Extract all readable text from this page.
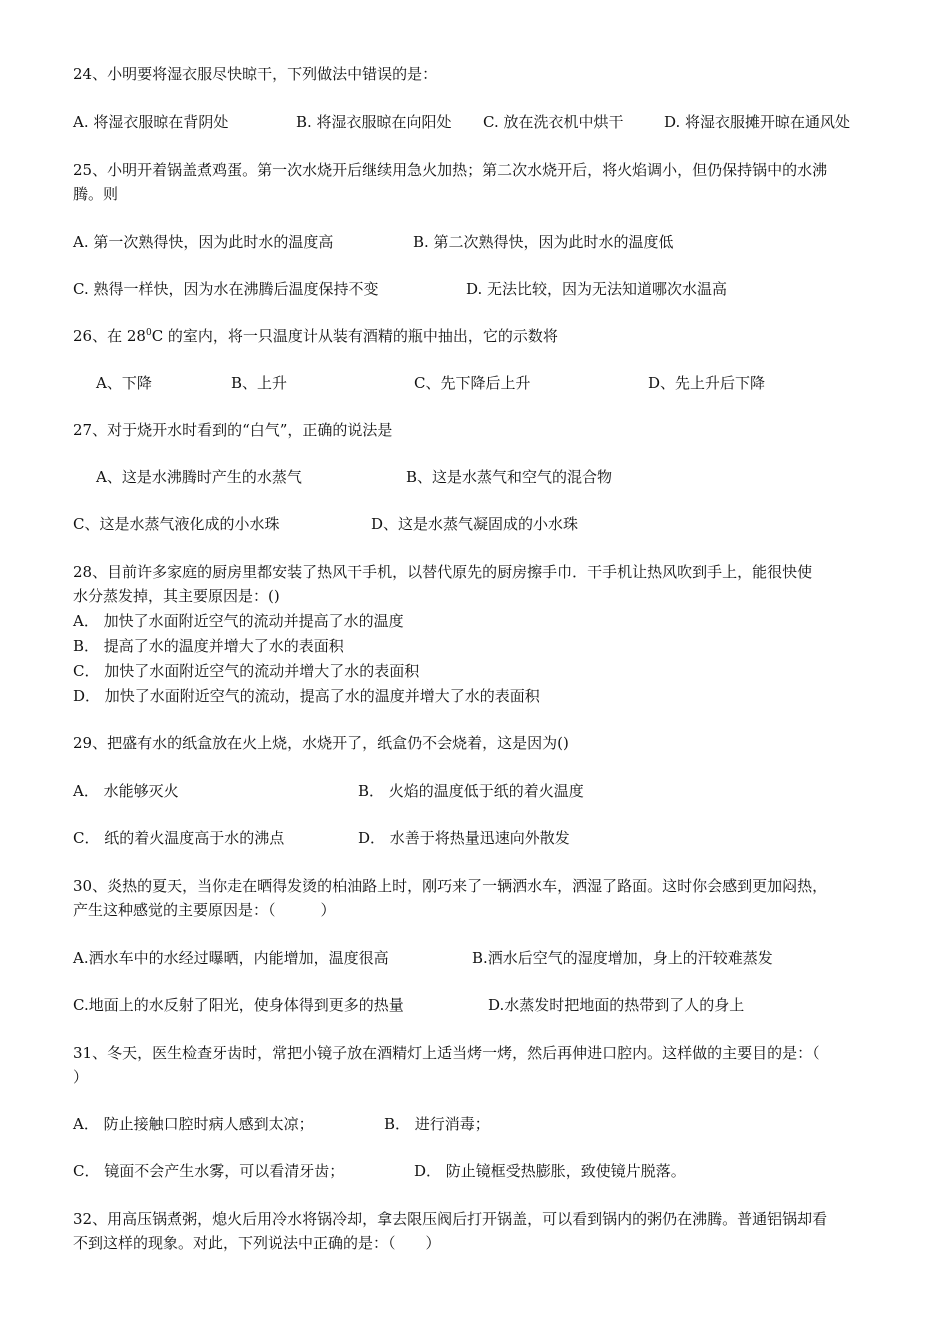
24、小明要将湿衣服尽快晾干，下列做法中错误的是：
A. 将湿衣服晾在背阴处	B. 将湿衣服晾在向阳处 C. 放在洗衣机中烘干	D. 将湿衣服摊开晾在通风处
25、小明开着锅盖煮鸡蛋。第一次水烧开后继续用急火加热；第二次水烧开后，将火焰调小，但仍保持锅中的水沸
腾。则
A. 第一次熟得快，因为此时水的温度高	B. 第二次熟得快，因为此时水的温度低
C. 熟得一样快，因为水在沸腾后温度保持不变	D. 无法比较，因为无法知道哪次水温高
26、在 $28^0C$ 的室内，将一只温度计从装有酒精的瓶中抽出，它的示数将
A、下降	B、上升	C、先下降后上升	D、先上升后下降
27、对于烧开水时看到的“白气”，正确的说法是
A、这是水沸腾时产生的水蒸气	B、这是水蒸气和空气的混合物
C、这是水蒸气液化成的小水珠	D、这是水蒸气凝固成的小水珠
28、目前许多家庭的厨房里都安装了热风干手机，以替代原先的厨房擦手巾．干手机让热风吹到手上，能很快使
水分蒸发掉，其主要原因是：()
A． 加快了水面附近空气的流动并提高了水的温度
B． 提高了水的温度并增大了水的表面积
C． 加快了水面附近空气的流动并增大了水的表面积
D． 加快了水面附近空气的流动，提高了水的温度并增大了水的表面积
29、把盛有水的纸盒放在火上烧，水烧开了，纸盒仍不会烧着，这是因为()
A． 水能够灭火	B． 火焰的温度低于纸的着火温度
C． 纸的着火温度高于水的沸点	D． 水善于将热量迅速向外散发
30、炎热的夏天，当你走在晒得发烫的柏油路上时，刚巧来了一辆洒水车，洒湿了路面。这时你会感到更加闷热，
产生这种感觉的主要原因是：（　　　）
A.洒水车中的水经过曝晒，内能增加，温度很高	B.洒水后空气的湿度增加，身上的汗较难蒸发
C.地面上的水反射了阳光，使身体得到更多的热量	D.水蒸发时把地面的热带到了人的身上
31、冬天，医生检查牙齿时，常把小镜子放在酒精灯上适当烤一烤，然后再伸进口腔内。这样做的主要目的是：（
）
A． 防止接触口腔时病人感到太凉；	B． 进行消毒；
C． 镜面不会产生水雾，可以看清牙齿；	D． 防止镜框受热膨胀，致使镜片脱落。
32、用高压锅煮粥，熄火后用冷水将锅冷却，拿去限压阀后打开锅盖，可以看到锅内的粥仍在沸腾。普通铝锅却看
不到这样的现象。对此，下列说法中正确的是：（　　）
